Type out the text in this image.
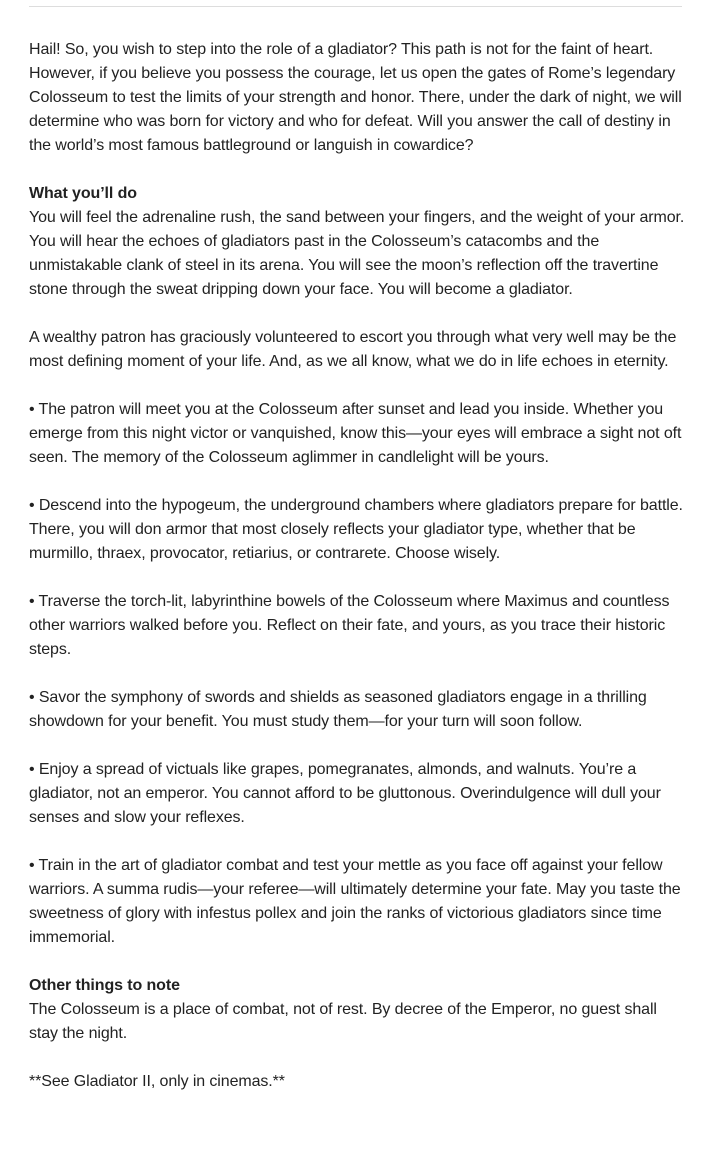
Hail! So, you wish to step into the role of a gladiator? This path is not for the faint of heart. However, if you believe you possess the courage, let us open the gates of Rome’s legendary Colosseum to test the limits of your strength and honor. There, under the dark of night, we will determine who was born for victory and who for defeat. Will you answer the call of destiny in the world’s most famous battleground or languish in cowardice?

What you’ll do
You will feel the adrenaline rush, the sand between your fingers, and the weight of your armor. You will hear the echoes of gladiators past in the Colosseum’s catacombs and the unmistakable clank of steel in its arena. You will see the moon’s reflection off the travertine stone through the sweat dripping down your face. You will become a gladiator.

A wealthy patron has graciously volunteered to escort you through what very well may be the most defining moment of your life. And, as we all know, what we do in life echoes in eternity.

• The patron will meet you at the Colosseum after sunset and lead you inside. Whether you emerge from this night victor or vanquished, know this—your eyes will embrace a sight not oft seen. The memory of the Colosseum aglimmer in candlelight will be yours.

• Descend into the hypogeum, the underground chambers where gladiators prepare for battle. There, you will don armor that most closely reflects your gladiator type, whether that be murmillo, thraex, provocator, retiarius, or contrarete. Choose wisely.

• Traverse the torch-lit, labyrinthine bowels of the Colosseum where Maximus and countless other warriors walked before you. Reflect on their fate, and yours, as you trace their historic steps.

• Savor the symphony of swords and shields as seasoned gladiators engage in a thrilling showdown for your benefit. You must study them—for your turn will soon follow.

• Enjoy a spread of victuals like grapes, pomegranates, almonds, and walnuts. You’re a gladiator, not an emperor. You cannot afford to be gluttonous. Overindulgence will dull your senses and slow your reflexes.

• Train in the art of gladiator combat and test your mettle as you face off against your fellow warriors. A summa rudis—your referee—will ultimately determine your fate. May you taste the sweetness of glory with infestus pollex and join the ranks of victorious gladiators since time immemorial.

Other things to note
The Colosseum is a place of combat, not of rest. By decree of the Emperor, no guest shall stay the night.

**See Gladiator II, only in cinemas.**
